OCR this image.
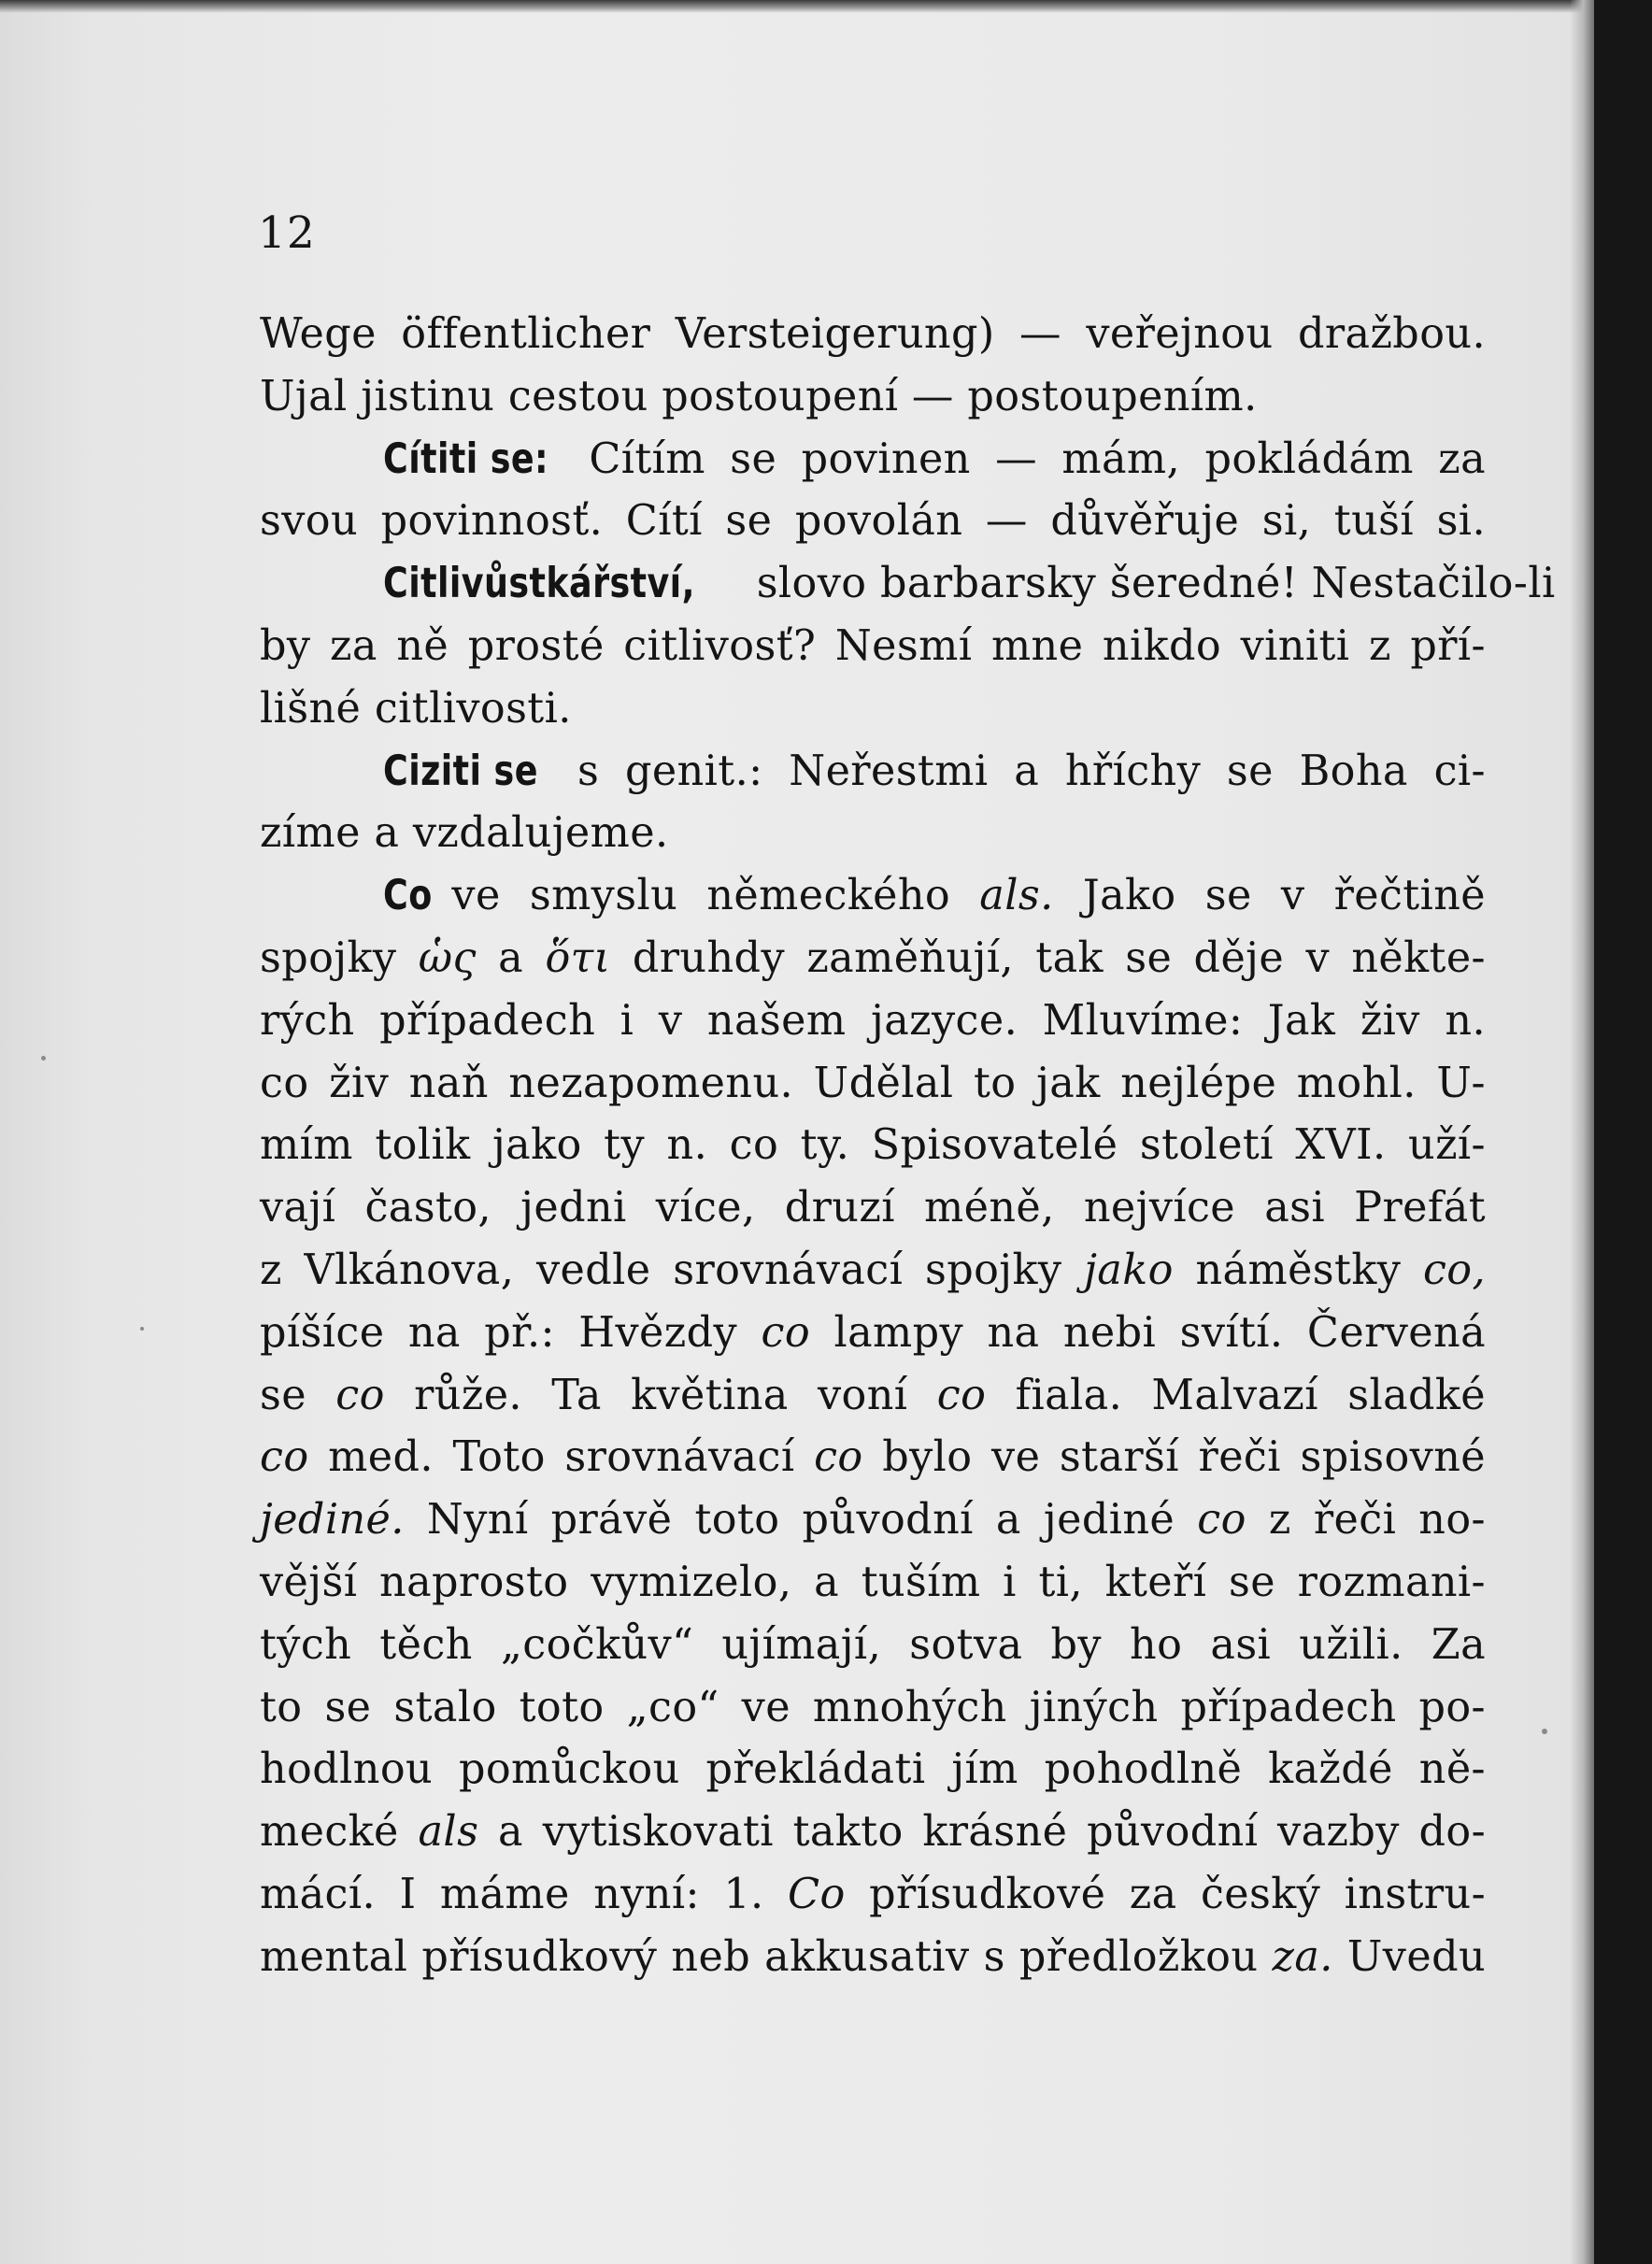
12
Wege öffentlicher Versteigerung) — veřejnou dražbou.
Ujal jistinu cestou postoupení — postoupením.
Cítiti se: Cítím se povinen — mám, pokládám za
svou povinnosť. Cítí se povolán — důvěřuje si, tuší si.
Citlivůstkářství, slovo barbarsky šeredné! Nestačilo-li
by za ně prosté citlivosť? Nesmí mne nikdo viniti z pří-
lišné citlivosti.
Ciziti se s genit.: Neřestmi a hříchy se Boha ci-
zíme a vzdalujeme.
Co ve smyslu německého als. Jako se v řečtině
spojky ὡς a ὅτι druhdy zaměňují, tak se děje v někte-
rých případech i v našem jazyce. Mluvíme: Jak živ n.
co živ naň nezapomenu. Udělal to jak nejlépe mohl. U-
mím tolik jako ty n. co ty. Spisovatelé století XVI. uží-
vají často, jedni více, druzí méně, nejvíce asi Prefát
z Vlkánova, vedle srovnávací spojky jako náměstky co,
píšíce na př.: Hvězdy co lampy na nebi svítí. Červená
se co růže. Ta květina voní co fiala. Malvazí sladké
co med. Toto srovnávací co bylo ve starší řeči spisovné
jediné. Nyní právě toto původní a jediné co z řeči no-
vější naprosto vymizelo, a tuším i ti, kteří se rozmani-
tých těch „cočkův“ ujímají, sotva by ho asi užili. Za
to se stalo toto „co“ ve mnohých jiných případech po-
hodlnou pomůckou překládati jím pohodlně každé ně-
mecké als a vytiskovati takto krásné původní vazby do-
mácí. I máme nyní: 1. Co přísudkové za český instru-
mental přísudkový neb akkusativ s předložkou za. Uvedu
